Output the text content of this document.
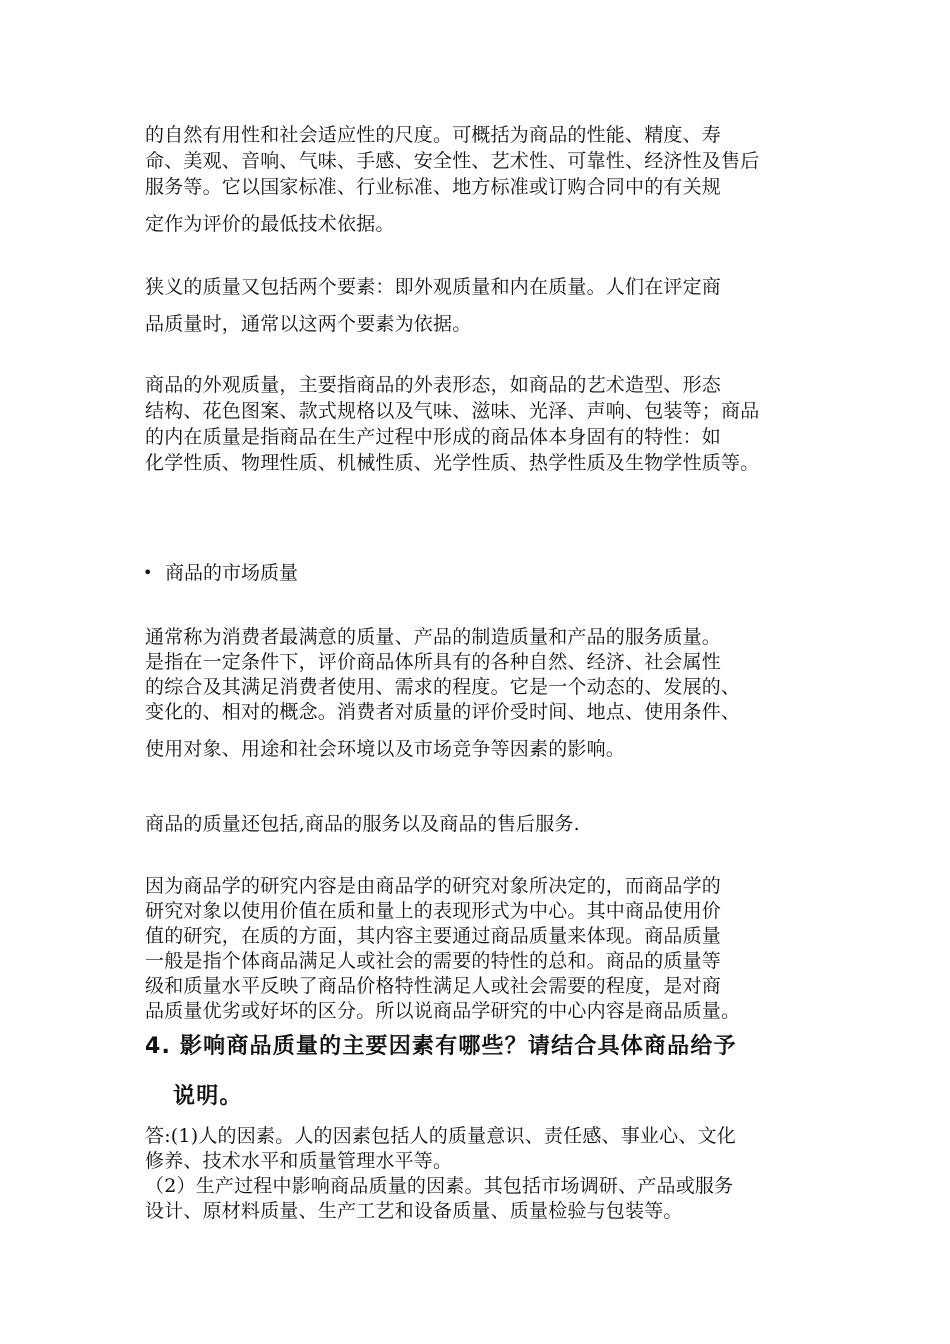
的自然有用性和社会适应性的尺度。可概括为商品的性能、精度、寿
命、美观、音响、气味、手感、安全性、艺术性、可靠性、经济性及售后
服务等。它以国家标准、行业标准、地方标准或订购合同中的有关规
定作为评价的最低技术依据。
狭义的质量又包括两个要素：即外观质量和内在质量。人们在评定商
品质量时，通常以这两个要素为依据。
商品的外观质量，主要指商品的外表形态，如商品的艺术造型、形态
结构、花色图案、款式规格以及气味、滋味、光泽、声响、包装等；商品
的内在质量是指商品在生产过程中形成的商品体本身固有的特性：如
化学性质、物理性质、机械性质、光学性质、热学性质及生物学性质等。
• 商品的市场质量
通常称为消费者最满意的质量、产品的制造质量和产品的服务质量。
是指在一定条件下，评价商品体所具有的各种自然、经济、社会属性
的综合及其满足消费者使用、需求的程度。它是一个动态的、发展的、
变化的、相对的概念。消费者对质量的评价受时间、地点、使用条件、
使用对象、用途和社会环境以及市场竞争等因素的影响。
商品的质量还包括,商品的服务以及商品的售后服务.
因为商品学的研究内容是由商品学的研究对象所决定的，而商品学的
研究对象以使用价值在质和量上的表现形式为中心。其中商品使用价
值的研究，在质的方面，其内容主要通过商品质量来体现。商品质量
一般是指个体商品满足人或社会的需要的特性的总和。商品的质量等
级和质量水平反映了商品价格特性满足人或社会需要的程度，是对商
品质量优劣或好坏的区分。所以说商品学研究的中心内容是商品质量。
4. 影响商品质量的主要因素有哪些？请结合具体商品给予
说明。
答:(1)人的因素。人的因素包括人的质量意识、责任感、事业心、文化
修养、技术水平和质量管理水平等。
（2）生产过程中影响商品质量的因素。其包括市场调研、产品或服务
设计、原材料质量、生产工艺和设备质量、质量检验与包装等。
